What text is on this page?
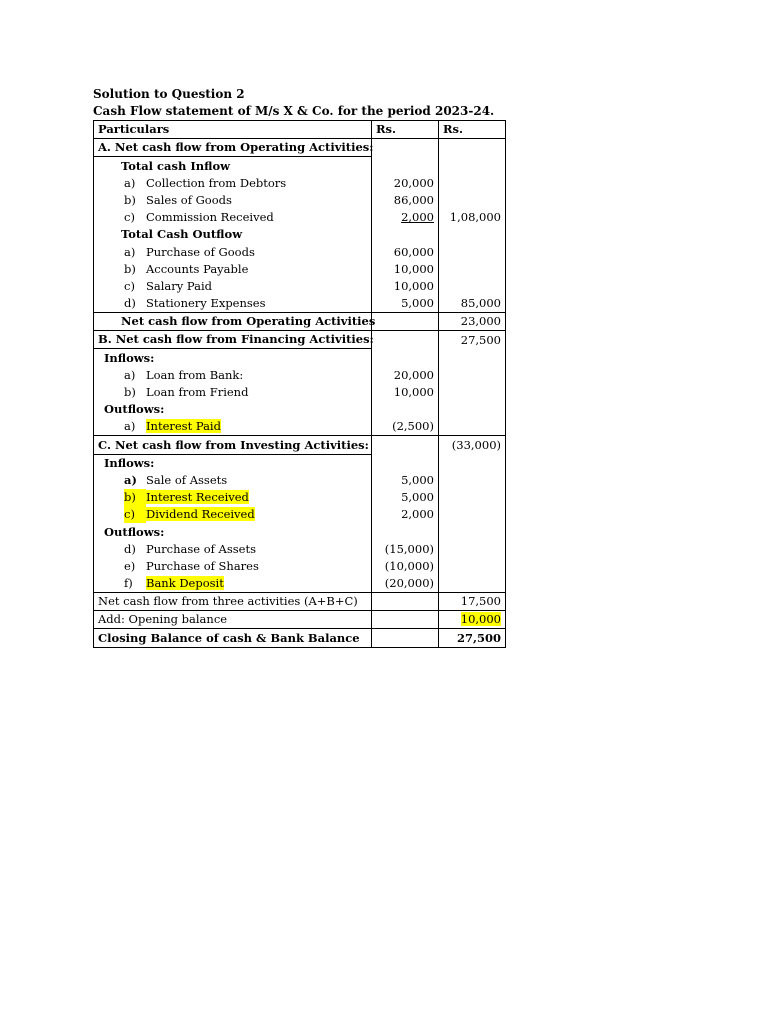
Solution to Question 2
Cash Flow statement of M/s X & Co. for the period 2023-24.
Particulars	Rs.	Rs.
A. Net cash flow from Operating Activities:		
Total cash Inflow		
a) Collection from Debtors	20,000	
b) Sales of Goods	86,000	
c) Commission Received	2,000	1,08,000
Total Cash Outflow		
a) Purchase of Goods	60,000	
b) Accounts Payable	10,000	
c) Salary Paid	10,000	
d) Stationery Expenses	5,000	85,000
Net cash flow from Operating Activities		23,000
B. Net cash flow from Financing Activities:		27,500
Inflows:		
a) Loan from Bank:	20,000	
b) Loan from Friend	10,000	
Outflows:		
a) Interest Paid	(2,500)	
C. Net cash flow from Investing Activities:		(33,000)
Inflows:		
a) Sale of Assets	5,000	
b) Interest Received	5,000	
c) Dividend Received	2,000	
Outflows:		
d) Purchase of Assets	(15,000)	
e) Purchase of Shares	(10,000)	
f) Bank Deposit	(20,000)	
Net cash flow from three activities (A+B+C)		17,500
Add: Opening balance		10,000
Closing Balance of cash & Bank Balance		27,500
